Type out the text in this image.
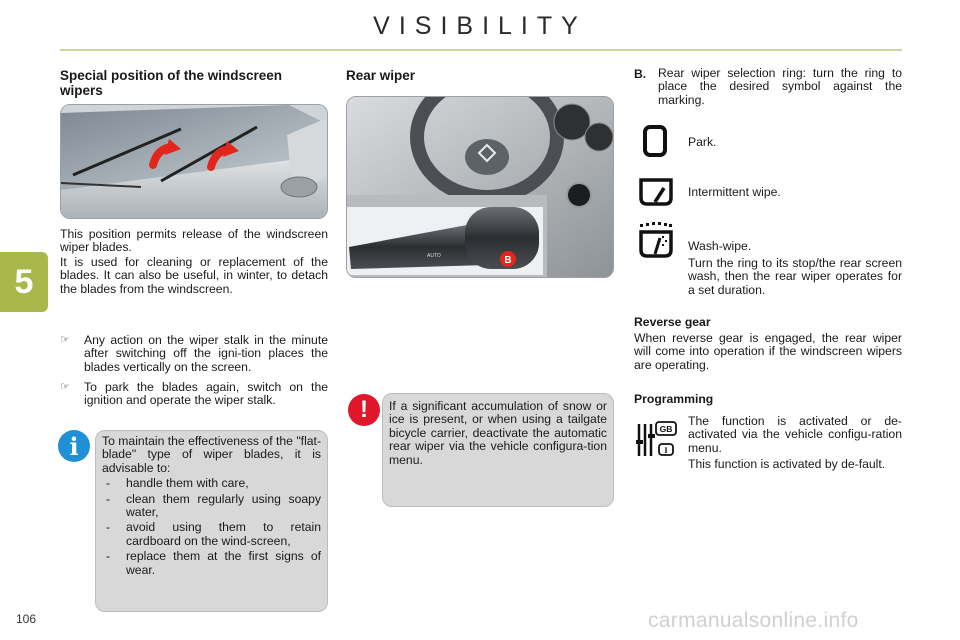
VISIBILITY
5
106	carmanualsonline.info
Special position of the windscreen wipers

This position permits release of the windscreen wiper blades.

It is used for cleaning or replacement of the blades. It can also be useful, in winter, to detach the blades from the windscreen.

☞ Any action on the wiper stalk in the minute after switching off the igni-tion places the blades vertically on the screen.
☞ To park the blades again, switch on the ignition and operate the wiper stalk.
i	To maintain the effectiveness of the "flat-blade" type of wiper blades, it is advisable to:
- handle them with care,
- clean them regularly using soapy water,
- avoid using them to retain cardboard on the wind-screen,
- replace them at the first signs of wear.
Rear wiper
AUTO	B
!	If a significant accumulation of snow or ice is present, or when using a tailgate bicycle carrier, deactivate the automatic rear wiper via the vehicle configura-tion menu.
B. Rear wiper selection ring: turn the ring to place the desired symbol against the marking.
Park.
Intermittent wipe.
Wash-wipe.
Turn the ring to its stop/the rear screen wash, then the rear wiper operates for a set duration.
Reverse gear

When reverse gear is engaged, the rear wiper will come into operation if the windscreen wipers are operating.

Programming
GB
I

The function is activated or de-activated via the vehicle configu-ration menu.

This function is activated by de-fault.
